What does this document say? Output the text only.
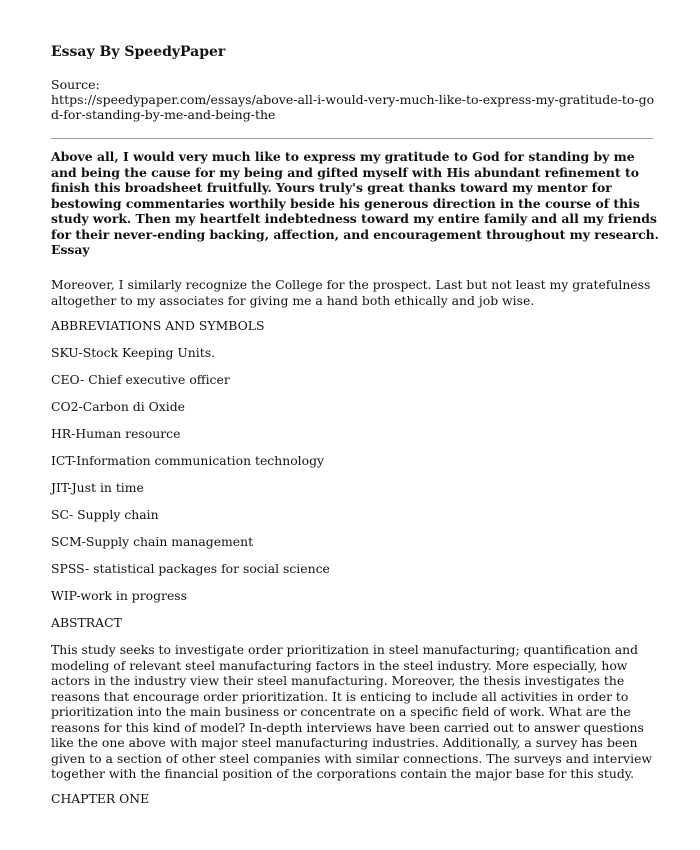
Essay By SpeedyPaper

Source:

https://speedypaper.com/essays/above-all-i-would-very-much-like-to-express-my-gratitude-to-god-for-standing-by-me-and-being-the

Above all, I would very much like to express my gratitude to God for standing by me and being the cause for my being and gifted myself with His abundant refinement to finish this broadsheet fruitfully. Yours truly's great thanks toward my mentor for bestowing commentaries worthily beside his generous direction in the course of this study work. Then my heartfelt indebtedness toward my entire family and all my friends for their never-ending backing, affection, and encouragement throughout my research. Essay

Moreover, I similarly recognize the College for the prospect. Last but not least my gratefulness altogether to my associates for giving me a hand both ethically and job wise.

ABBREVIATIONS AND SYMBOLS

SKU-Stock Keeping Units.

CEO- Chief executive officer

CO2-Carbon di Oxide

HR-Human resource

ICT-Information communication technology

JIT-Just in time

SC- Supply chain

SCM-Supply chain management

SPSS- statistical packages for social science

WIP-work in progress

ABSTRACT

This study seeks to investigate order prioritization in steel manufacturing; quantification and modeling of relevant steel manufacturing factors in the steel industry. More especially, how actors in the industry view their steel manufacturing. Moreover, the thesis investigates the reasons that encourage order prioritization. It is enticing to include all activities in order to prioritization into the main business or concentrate on a specific field of work. What are the reasons for this kind of model? In-depth interviews have been carried out to answer questions like the one above with major steel manufacturing industries. Additionally, a survey has been given to a section of other steel companies with similar connections. The surveys and interview together with the financial position of the corporations contain the major base for this study.

CHAPTER ONE
